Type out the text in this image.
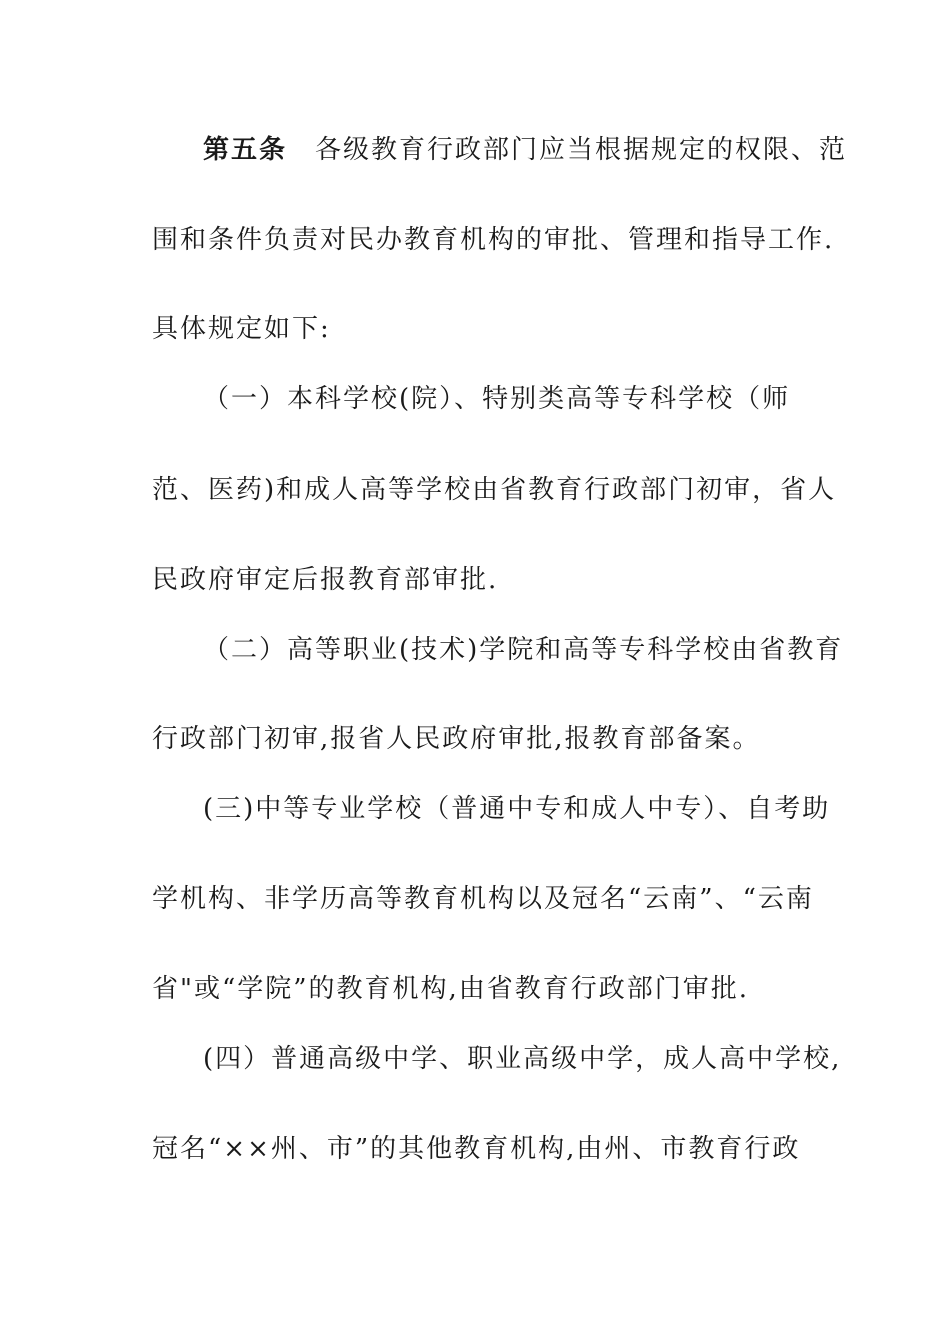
第五条 各级教育行政部门应当根据规定的权限、范
围和条件负责对民办教育机构的审批、管理和指导工作.
具体规定如下:
（一）本科学校(院）、特别类高等专科学校（师
范、医药)和成人高等学校由省教育行政部门初审，省人
民政府审定后报教育部审批.
（二）高等职业(技术)学院和高等专科学校由省教育
行政部门初审,报省人民政府审批,报教育部备案。
(三)中等专业学校（普通中专和成人中专）、自考助
学机构、非学历高等教育机构以及冠名“云南”、“云南
省"或“学院”的教育机构,由省教育行政部门审批.
(四）普通高级中学、职业高级中学，成人高中学校,
冠名“××州、市”的其他教育机构,由州、市教育行政
